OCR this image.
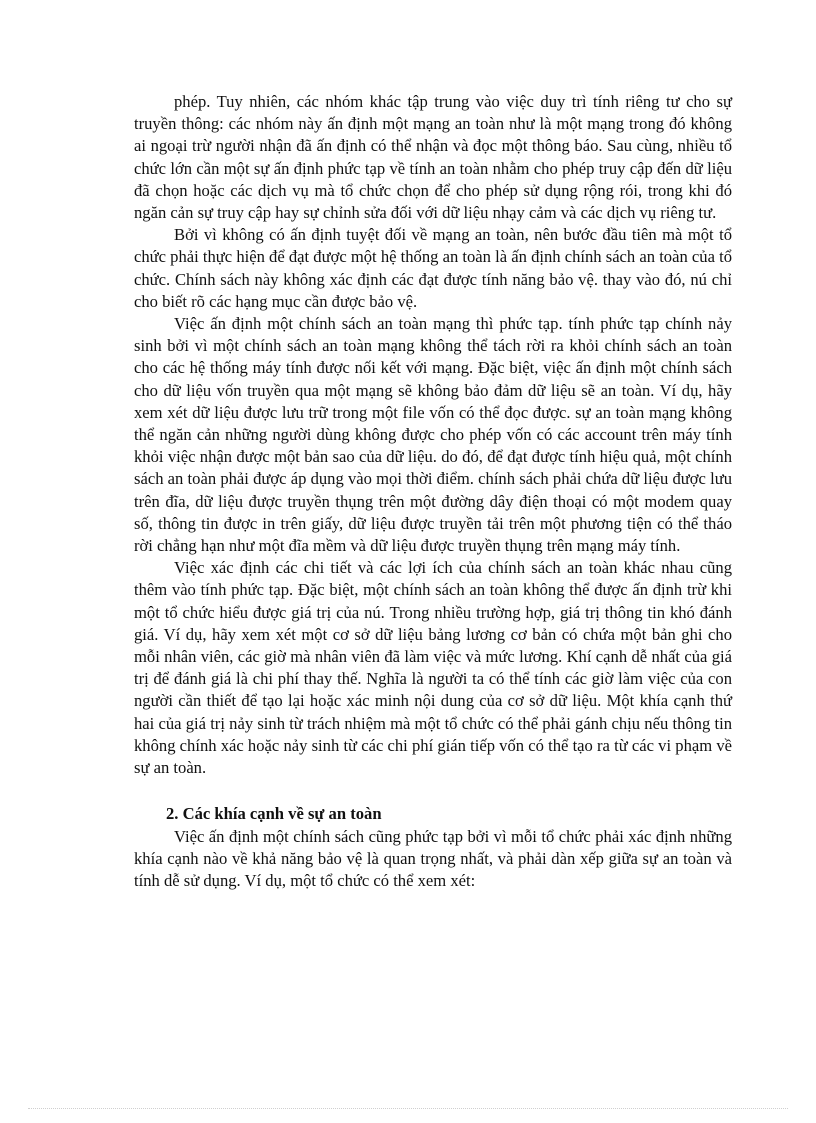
phép. Tuy nhiên, các nhóm khác tập trung vào việc duy trì tính riêng tư cho sự truyền thông: các nhóm này ấn định một mạng an toàn như là một mạng trong đó không ai ngoại trừ người nhận đã ấn định có thể nhận và đọc một thông báo. Sau cùng, nhiều tổ chức lớn cần một sự ấn định phức tạp về tính an toàn nhằm cho phép truy cập đến dữ liệu đã chọn hoặc các dịch vụ mà tổ chức chọn để cho phép sử dụng rộng rói, trong khi đó ngăn cản sự truy cập hay sự chỉnh sửa đối với dữ liệu nhạy cảm và các dịch vụ riêng tư.

Bởi vì không có ấn định tuyệt đối về mạng an toàn, nên bước đầu tiên mà một tổ chức phải thực hiện để đạt được một hệ thống an toàn là ấn định chính sách an toàn của tổ chức. Chính sách này không xác định các đạt được tính năng bảo vệ. thay vào đó, nú chỉ cho biết rõ các hạng mục cần được bảo vệ.

Việc ấn định một chính sách an toàn mạng thì phức tạp. tính phức tạp chính nảy sinh bởi vì một chính sách an toàn mạng không thể tách rời ra khỏi chính sách an toàn cho các hệ thống máy tính được nối kết với mạng. Đặc biệt, việc ấn định một chính sách cho dữ liệu vốn truyền qua một mạng sẽ không bảo đảm dữ liệu sẽ an toàn. Ví dụ, hãy xem xét dữ liệu được lưu trữ trong một file vốn có thể đọc được. sự an toàn mạng không thể ngăn cản những người dùng không được cho phép vốn có các account trên máy tính khỏi việc nhận được một bản sao của dữ liệu. do đó, để đạt được tính hiệu quả, một chính sách an toàn phải được áp dụng vào mọi thời điểm. chính sách phải chứa dữ liệu được lưu trên đĩa, dữ liệu được truyền thụng trên một đường dây điện thoại có một modem quay số, thông tin được in trên giấy, dữ liệu được truyền tải trên một phương tiện có thể tháo rời chẳng hạn như một đĩa mềm và dữ liệu được truyền thụng trên mạng máy tính.

Việc xác định các chi tiết và các lợi ích của chính sách an toàn khác nhau cũng thêm vào tính phức tạp. Đặc biệt, một chính sách an toàn không thể được ấn định trừ khi một tổ chức hiểu được giá trị của nú. Trong nhiều trường hợp, giá trị thông tin khó đánh giá. Ví dụ, hãy xem xét một cơ sở dữ liệu bảng lương cơ bản có chứa một bản ghi cho mỗi nhân viên, các giờ mà nhân viên đã làm việc và mức lương. Khí cạnh dễ nhất của giá trị để đánh giá là chi phí thay thế. Nghĩa là người ta có thể tính các giờ làm việc của con người cần thiết để tạo lại hoặc xác minh nội dung của cơ sở dữ liệu. Một khía cạnh thứ hai của giá trị nảy sinh từ trách nhiệm mà một tổ chức có thể phải gánh chịu nếu thông tin không chính xác hoặc nảy sinh từ các chi phí gián tiếp vốn có thể tạo ra từ các vi phạm về sự an toàn.

2. Các khía cạnh về sự an toàn

Việc ấn định một chính sách cũng phức tạp bởi vì mỗi tổ chức phải xác định những khía cạnh nào về khả năng bảo vệ là quan trọng nhất, và phải dàn xếp giữa sự an toàn và tính dễ sử dụng. Ví dụ, một tổ chức có thể xem xét:
